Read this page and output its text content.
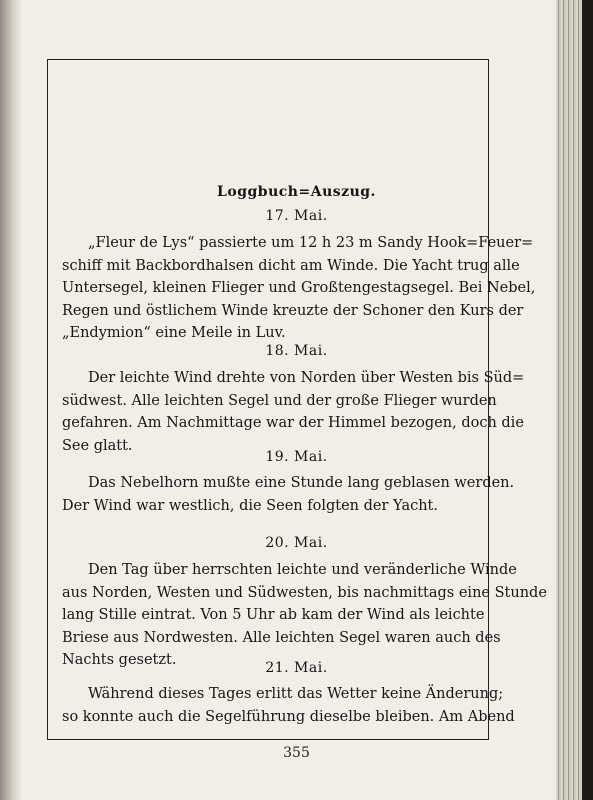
Loggbuch=Auszug.
17. Mai.
„Fleur de Lys“ passierte um 12 h 23 m Sandy Hook=Feuer=
schiff mit Backbordhalsen dicht am Winde. Die Yacht trug alle
Untersegel, kleinen Flieger und Großtengestagsegel. Bei Nebel,
Regen und östlichem Winde kreuzte der Schoner den Kurs der
„Endymion“ eine Meile in Luv.
18. Mai.
Der leichte Wind drehte von Norden über Westen bis Süd=
südwest. Alle leichten Segel und der große Flieger wurden
gefahren. Am Nachmittage war der Himmel bezogen, doch die
See glatt.
19. Mai.
Das Nebelhorn mußte eine Stunde lang geblasen werden.
Der Wind war westlich, die Seen folgten der Yacht.
20. Mai.
Den Tag über herrschten leichte und veränderliche Winde
aus Norden, Westen und Südwesten, bis nachmittags eine Stunde
lang Stille eintrat. Von 5 Uhr ab kam der Wind als leichte
Briese aus Nordwesten. Alle leichten Segel waren auch des
Nachts gesetzt.	21. Mai.
Während dieses Tages erlitt das Wetter keine Änderung;
so konnte auch die Segelführung dieselbe bleiben. Am Abend
355
